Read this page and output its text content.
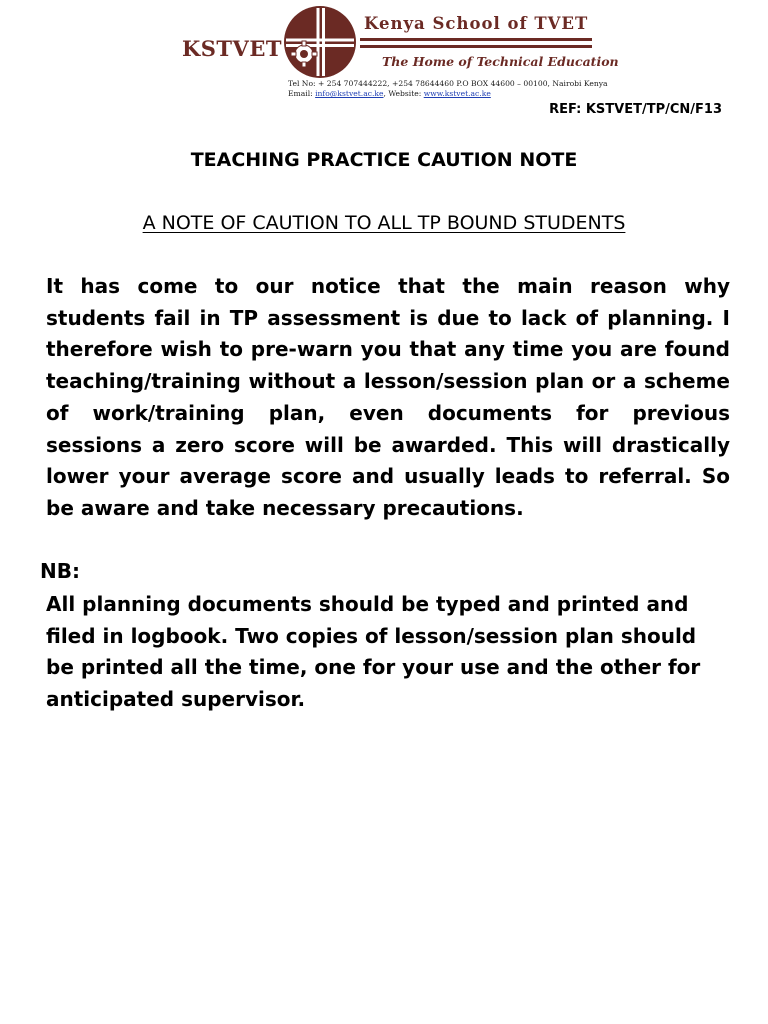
KSTVET
Kenya School of TVET
The Home of Technical Education
Tel No: + 254 707444222, +254 78644460 P.O BOX 44600 – 00100, Nairobi Kenya
Email: info@kstvet.ac.ke, Website: www.kstvet.ac.ke
REF: KSTVET/TP/CN/F13
TEACHING PRACTICE CAUTION NOTE
A NOTE OF CAUTION TO ALL TP BOUND STUDENTS

It has come to our notice that the main reason why students fail in TP assessment is due to lack of planning. I therefore wish to pre-warn you that any time you are found teaching/training without a lesson/session plan or a scheme of work/training plan, even documents for previous sessions a zero score will be awarded. This will drastically lower your average score and usually leads to referral. So be aware and take necessary precautions.

NB:

All planning documents should be typed and printed and filed in logbook. Two copies of lesson/session plan should be printed all the time, one for your use and the other for anticipated supervisor.
